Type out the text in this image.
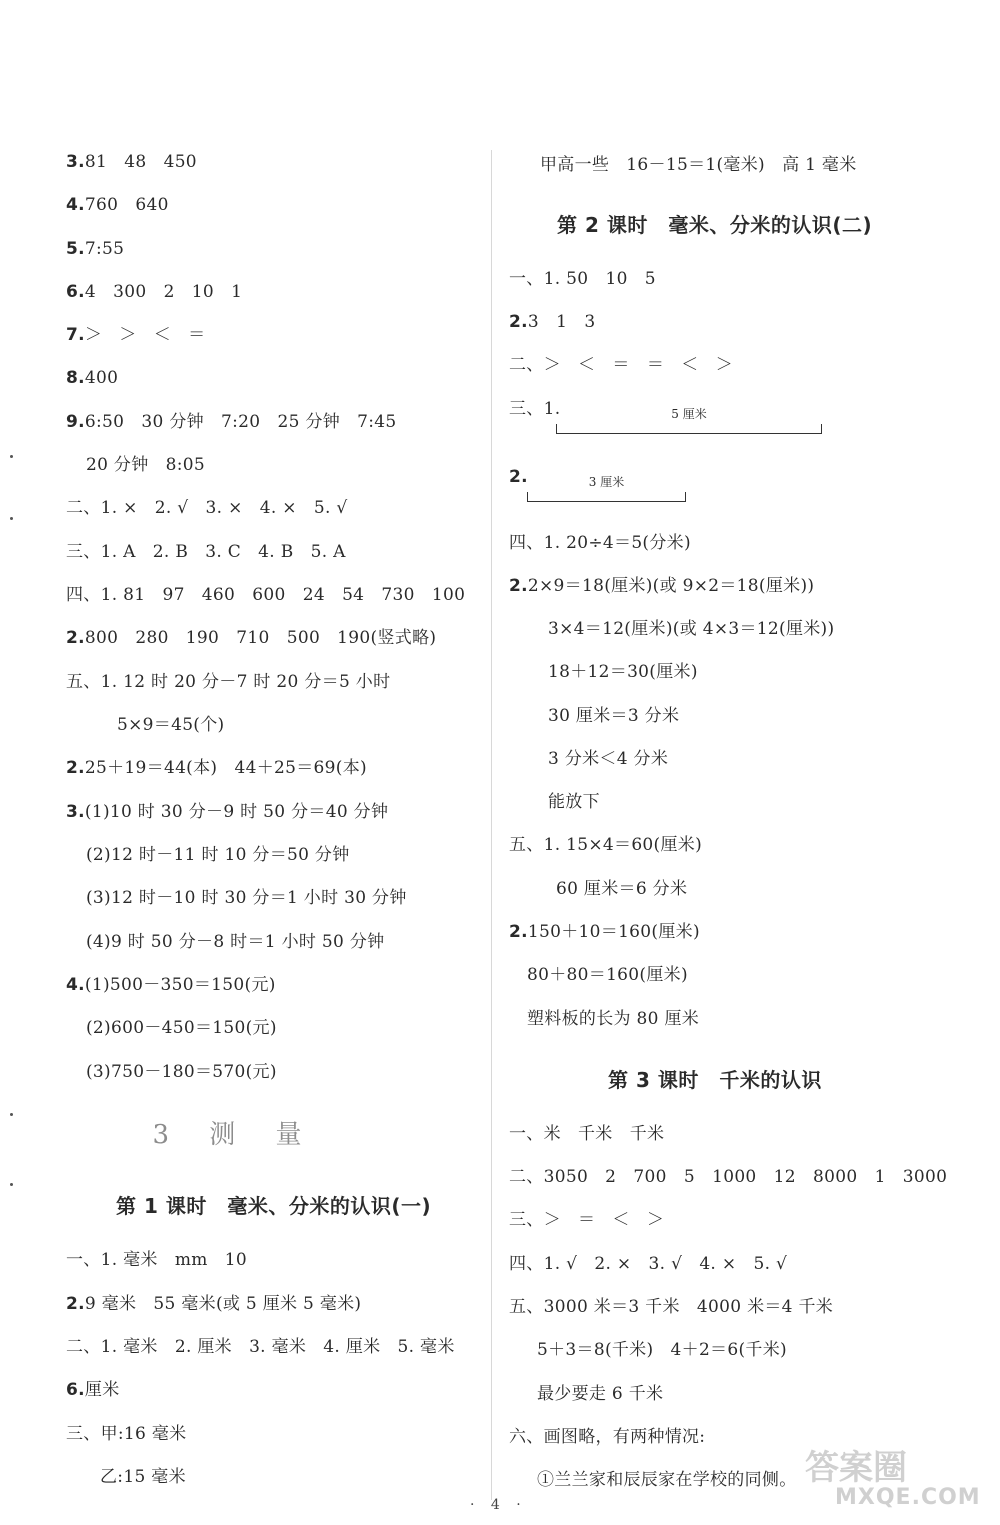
3.81   48   450
4.760   640
5.7:55
6.4   300   2   10   1
7.＞   ＞   ＜   ＝
8.400
9.6:50   30 分钟   7:20   25 分钟   7:45
20 分钟   8:05
二、1. ×   2. √   3. ×   4. ×   5. √
三、1. A   2. B   3. C   4. B   5. A
四、1. 81   97   460   600   24   54   730   100
2.800   280   190   710   500   190(竖式略)
五、1. 12 时 20 分－7 时 20 分＝5 小时
5×9＝45(个)
2.25＋19＝44(本)   44＋25＝69(本)
3.(1)10 时 30 分－9 时 50 分＝40 分钟
(2)12 时－11 时 10 分＝50 分钟
(3)12 时－10 时 30 分＝1 小时 30 分钟
(4)9 时 50 分－8 时＝1 小时 50 分钟
4.(1)500－350＝150(元)
(2)600－450＝150(元)
(3)750－180＝570(元)
3 测 量
第 1 课时　毫米、分米的认识(一)
一、1. 毫米   mm   10
2.9 毫米   55 毫米(或 5 厘米 5 毫米)
二、1. 毫米   2. 厘米   3. 毫米   4. 厘米   5. 毫米
6.厘米
三、甲:16 毫米
乙:15 毫米
甲高一些   16－15＝1(毫米)   高 1 毫米
第 2 课时　毫米、分米的认识(二)
一、1. 50   10   5
2.3   1   3
二、＞   ＜   ＝   ＝   ＜   ＞
三、1.	5 厘米
2.	3 厘米
四、1. 20÷4＝5(分米)
2.2×9＝18(厘米)(或 9×2＝18(厘米))
3×4＝12(厘米)(或 4×3＝12(厘米))
18＋12＝30(厘米)
30 厘米＝3 分米
3 分米＜4 分米
能放下
五、1. 15×4＝60(厘米)
60 厘米＝6 分米
2.150＋10＝160(厘米)
80＋80＝160(厘米)
塑料板的长为 80 厘米
第 3 课时　千米的认识
一、米   千米   千米
二、3050   2   700   5   1000   12   8000   1   3000
三、＞   ＝   ＜   ＞
四、1. √   2. ×   3. √   4. ×   5. √
五、3000 米＝3 千米   4000 米＝4 千米
5＋3＝8(千米)   4＋2＝6(千米)
最少要走 6 千米
六、画图略，有两种情况:
①兰兰家和辰辰家在学校的同侧。
· 4 ·
答案圈
MXQE.COM
